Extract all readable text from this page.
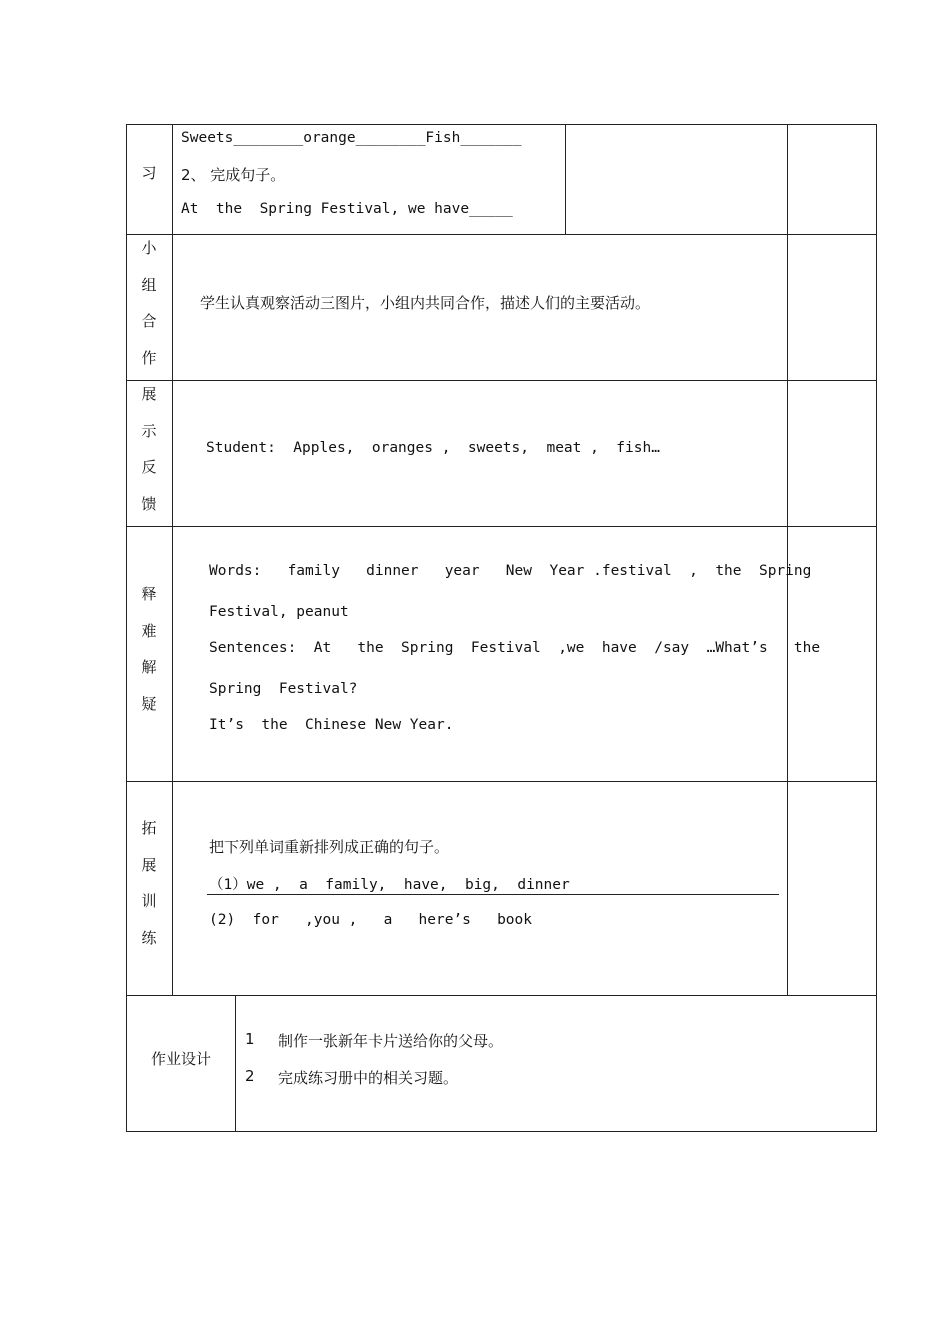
习
Sweets________orange________Fish_______
2、 完成句子。
At  the  Spring Festival, we have_____
小
组
合
作
学生认真观察活动三图片，小组内共同合作，描述人们的主要活动。
展
示
反
馈
Student:  Apples,  oranges ,  sweets,  meat ,  fish…
释
难
解
疑
Words:   family   dinner   year   New  Year .festival  ,  the  Spring
Festival, peanut
Sentences:  At   the  Spring  Festival  ,we  have  /say  …What’s   the
Spring  Festival?
It’s  the  Chinese New Year.
拓
展
训
练
把下列单词重新排列成正确的句子。
（1）we ,  a  family,  have,  big,  dinner
(2)  for   ,you ,   a   here’s   book
作业设计
1 制作一张新年卡片送给你的父母。
2 完成练习册中的相关习题。
